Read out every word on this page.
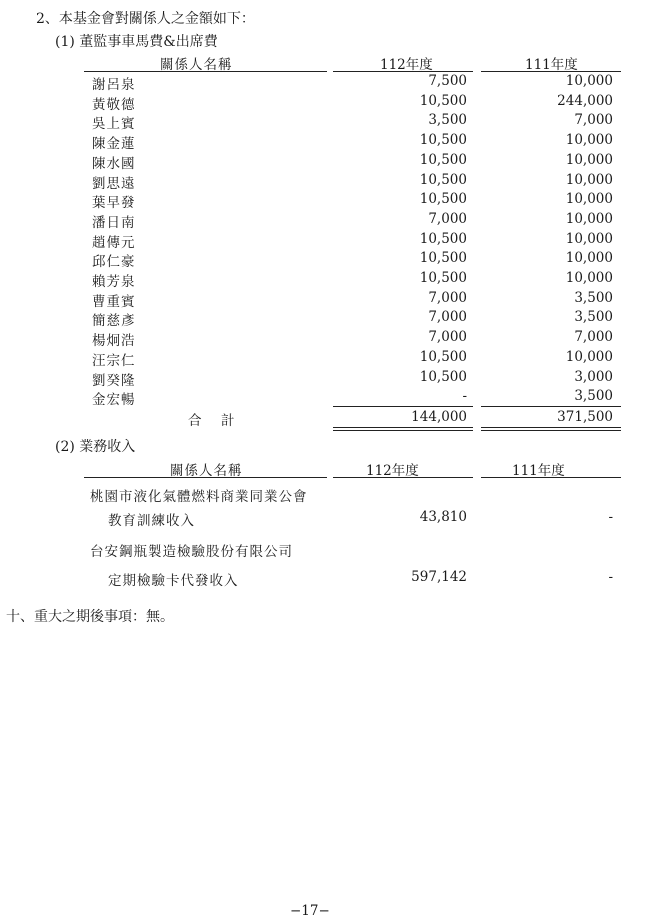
2、本基金會對關係人之金額如下：
(1) 董監事車馬費&出席費
關係人名稱	112年度	111年度
謝呂泉	7,500	10,000
黃敬德	10,500	244,000
吳上賓	3,500	7,000
陳金蓮	10,500	10,000
陳水國	10,500	10,000
劉思遠	10,500	10,000
葉早發	10,500	10,000
潘日南	7,000	10,000
趙傳元	10,500	10,000
邱仁豪	10,500	10,000
賴芳泉	10,500	10,000
曹重賓	7,000	3,500
簡慈彥	7,000	3,500
楊炯浩	7,000	7,000
汪宗仁	10,500	10,000
劉癸隆	10,500	3,000
金宏暢	-	3,500
合　計	144,000	371,500
(2) 業務收入
關係人名稱	112年度	111年度
桃園市液化氣體燃料商業同業公會
教育訓練收入	43,810	-
台安鋼瓶製造檢驗股份有限公司
定期檢驗卡代發收入	597,142	-
十、重大之期後事項：無。
−17−
